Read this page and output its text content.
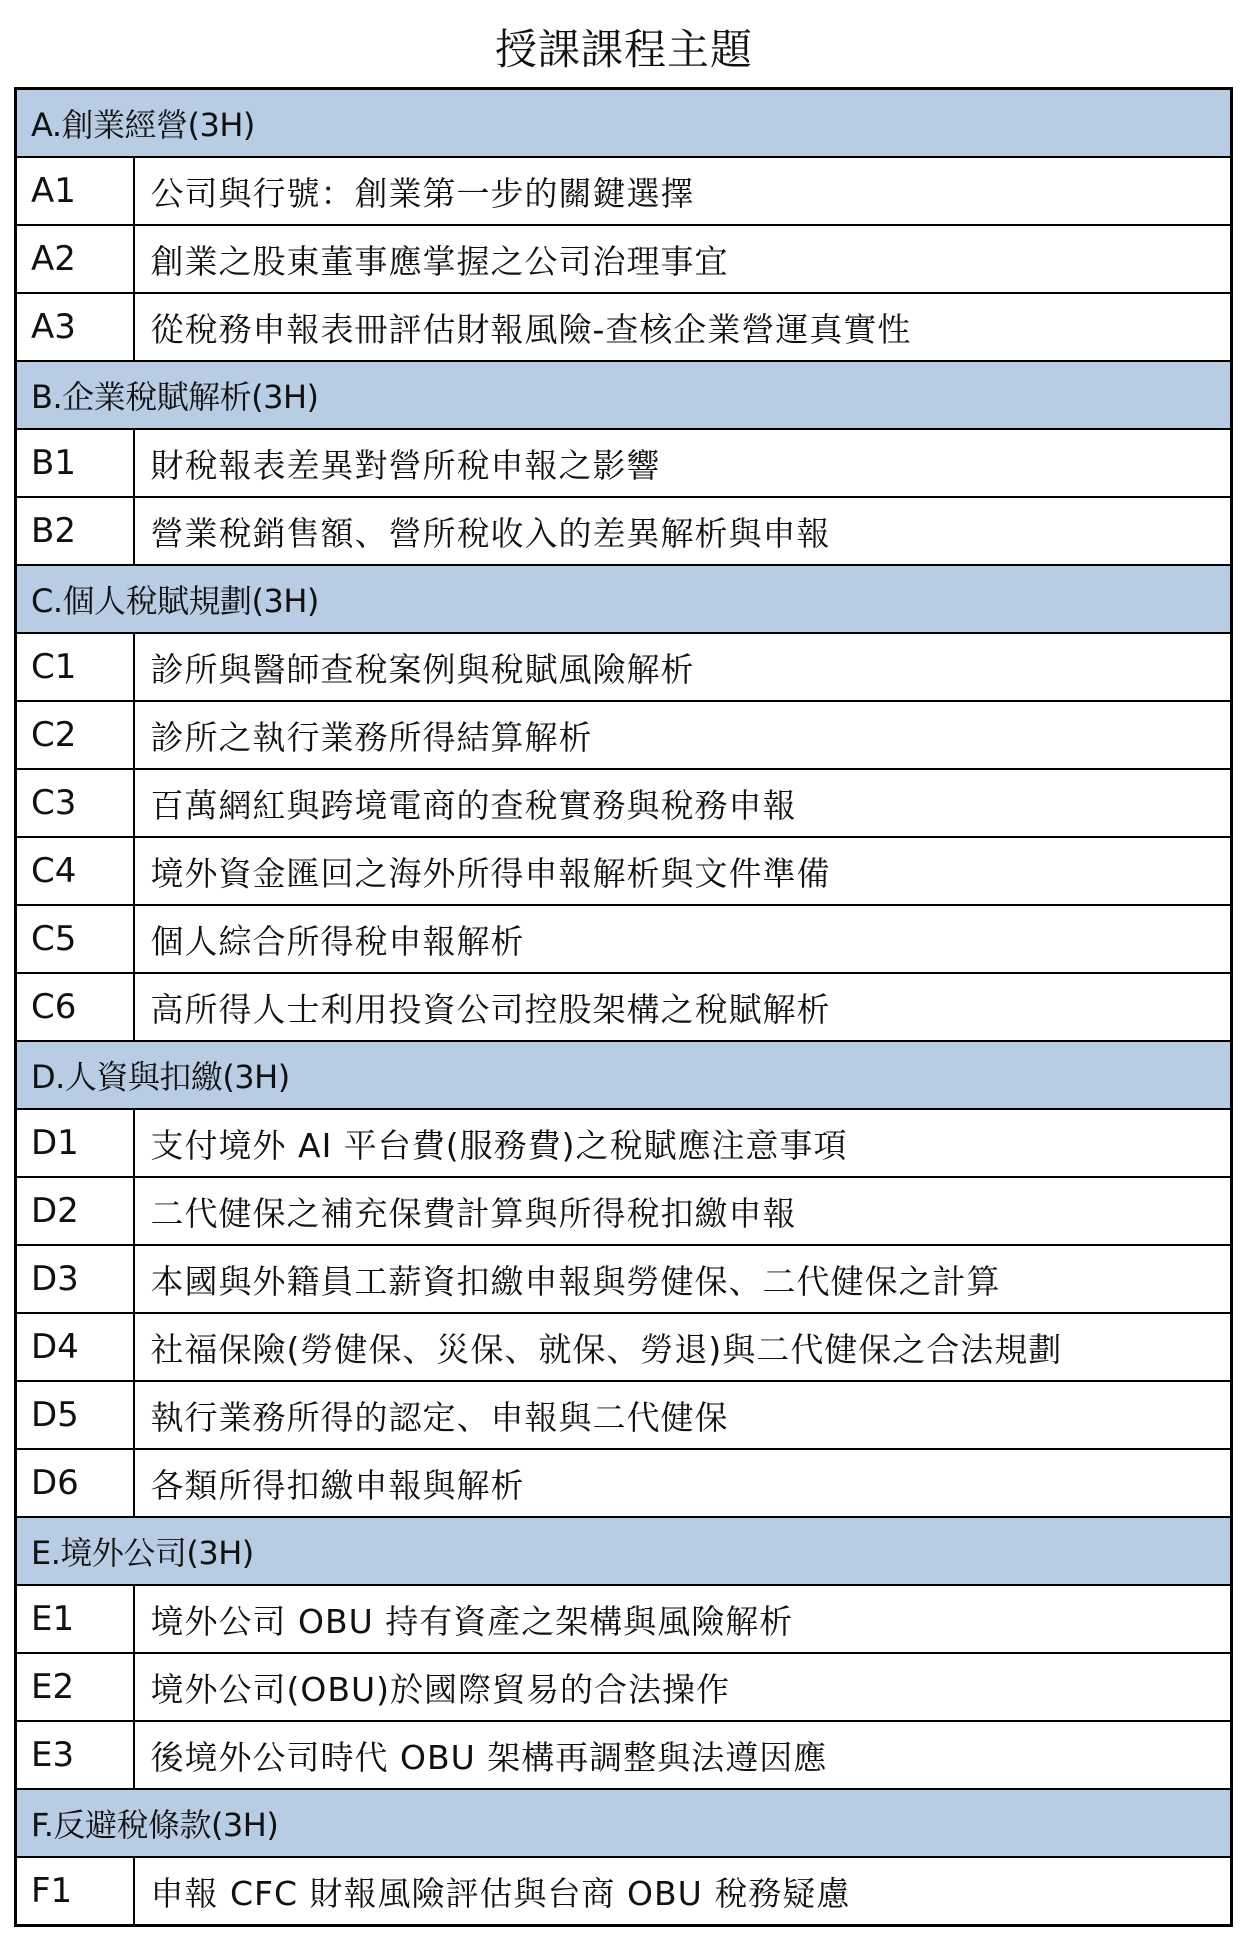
授課課程主題
A.創業經營(3H)	
A1	公司與行號：創業第一步的關鍵選擇
A2	創業之股東董事應掌握之公司治理事宜
A3	從稅務申報表冊評估財報風險-查核企業營運真實性
B.企業稅賦解析(3H)	
B1	財稅報表差異對營所稅申報之影響
B2	營業稅銷售額、營所稅收入的差異解析與申報
C.個人稅賦規劃(3H)	
C1	診所與醫師查稅案例與稅賦風險解析
C2	診所之執行業務所得結算解析
C3	百萬網紅與跨境電商的查稅實務與稅務申報
C4	境外資金匯回之海外所得申報解析與文件準備
C5	個人綜合所得稅申報解析
C6	高所得人士利用投資公司控股架構之稅賦解析
D.人資與扣繳(3H)	
D1	支付境外 AI 平台費(服務費)之稅賦應注意事項
D2	二代健保之補充保費計算與所得稅扣繳申報
D3	本國與外籍員工薪資扣繳申報與勞健保、二代健保之計算
D4	社福保險(勞健保、災保、就保、勞退)與二代健保之合法規劃
D5	執行業務所得的認定、申報與二代健保
D6	各類所得扣繳申報與解析
E.境外公司(3H)	
E1	境外公司 OBU 持有資產之架構與風險解析
E2	境外公司(OBU)於國際貿易的合法操作
E3	後境外公司時代 OBU 架構再調整與法遵因應
F.反避稅條款(3H)	
F1	申報 CFC 財報風險評估與台商 OBU 稅務疑慮
